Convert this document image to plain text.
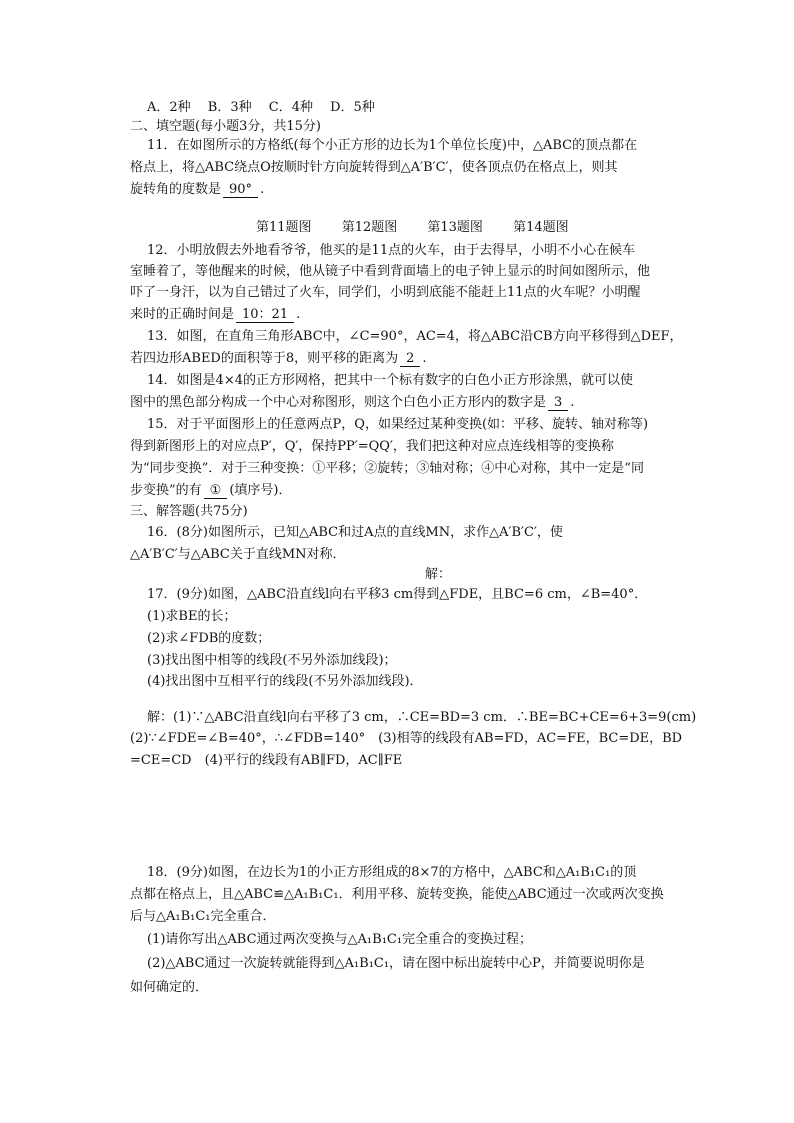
A．2种　 B．3种　 C．4种　 D．5种
二、填空题(每小题3分，共15分)
11．在如图所示的方格纸(每个小正方形的边长为1个单位长度)中，△ABC的顶点都在
格点上，将△ABC绕点O按顺时针方向旋转得到△A′B′C′，使各顶点仍在格点上，则其
旋转角的度数是 90° .
第11题图 第12题图 第13题图 第14题图
12．小明放假去外地看爷爷，他买的是11点的火车，由于去得早，小明不小心在候车
室睡着了，等他醒来的时候，他从镜子中看到背面墙上的电子钟上显示的时间如图所示，他
吓了一身汗，以为自己错过了火车，同学们，小明到底能不能赶上11点的火车呢？小明醒
来时的正确时间是 10：21 .
13．如图，在直角三角形ABC中，∠C=90°，AC=4，将△ABC沿CB方向平移得到△DEF，
若四边形ABED的面积等于8，则平移的距离为 2 .
14．如图是4×4的正方形网格，把其中一个标有数字的白色小正方形涂黑，就可以使
图中的黑色部分构成一个中心对称图形，则这个白色小正方形内的数字是 3 .
15．对于平面图形上的任意两点P，Q，如果经过某种变换(如：平移、旋转、轴对称等)
得到新图形上的对应点P′，Q′，保持PP′=QQ′，我们把这种对应点连线相等的变换称
为“同步变换”．对于三种变换：①平移；②旋转；③轴对称；④中心对称，其中一定是“同
步变换”的有 ① (填序号)．
三、解答题(共75分)
16．(8分)如图所示，已知△ABC和过A点的直线MN，求作△A′B′C′，使
△A′B′C′与△ABC关于直线MN对称．
解：
17．(9分)如图，△ABC沿直线l向右平移3 cm得到△FDE，且BC=6 cm，∠B=40°．
(1)求BE的长；
(2)求∠FDB的度数；
(3)找出图中相等的线段(不另外添加线段)；
(4)找出图中互相平行的线段(不另外添加线段)．
解：(1)∵△ABC沿直线l向右平移了3 cm，∴CE=BD=3 cm．∴BE=BC+CE=6+3=9(cm)
(2)∵∠FDE=∠B=40°，∴∠FDB=140°　(3)相等的线段有AB=FD，AC=FE，BC=DE，BD
=CE=CD　(4)平行的线段有AB∥FD，AC∥FE
18．(9分)如图，在边长为1的小正方形组成的8×7的方格中，△ABC和△A₁B₁C₁的顶
点都在格点上，且△ABC≌△A₁B₁C₁．利用平移、旋转变换，能使△ABC通过一次或两次变换
后与△A₁B₁C₁完全重合．
(1)请你写出△ABC通过两次变换与△A₁B₁C₁完全重合的变换过程；
(2)△ABC通过一次旋转就能得到△A₁B₁C₁，请在图中标出旋转中心P，并简要说明你是
如何确定的．
